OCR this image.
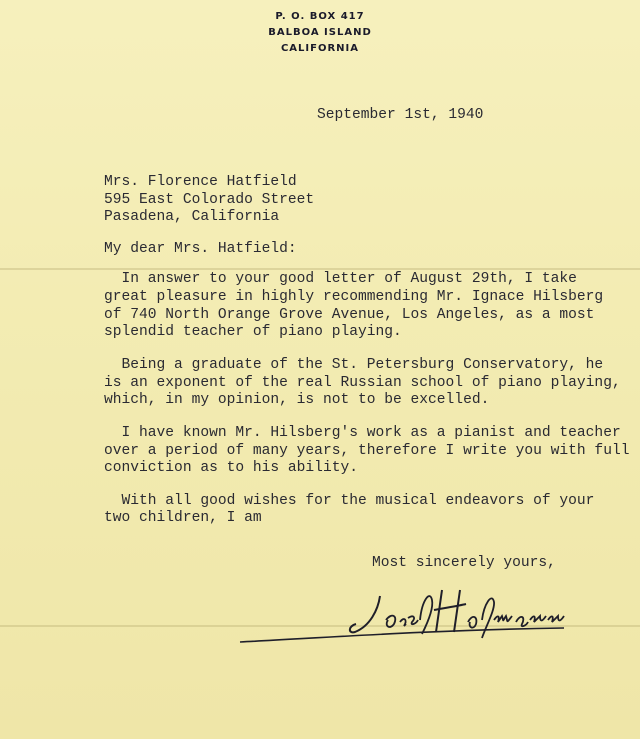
P. O. BOX 417
BALBOA ISLAND
CALIFORNIA
September 1st, 1940
Mrs. Florence Hatfield
595 East Colorado Street
Pasadena, California
My dear Mrs. Hatfield:
In answer to your good letter of August 29th, I take
great pleasure in highly recommending Mr. Ignace Hilsberg
of 740 North Orange Grove Avenue, Los Angeles, as a most
splendid teacher of piano playing.
Being a graduate of the St. Petersburg Conservatory, he
is an exponent of the real Russian school of piano playing,
which, in my opinion, is not to be excelled.
I have known Mr. Hilsberg's work as a pianist and teacher
over a period of many years, therefore I write you with full
conviction as to his ability.
With all good wishes for the musical endeavors of your
two children, I am
Most sincerely yours,
